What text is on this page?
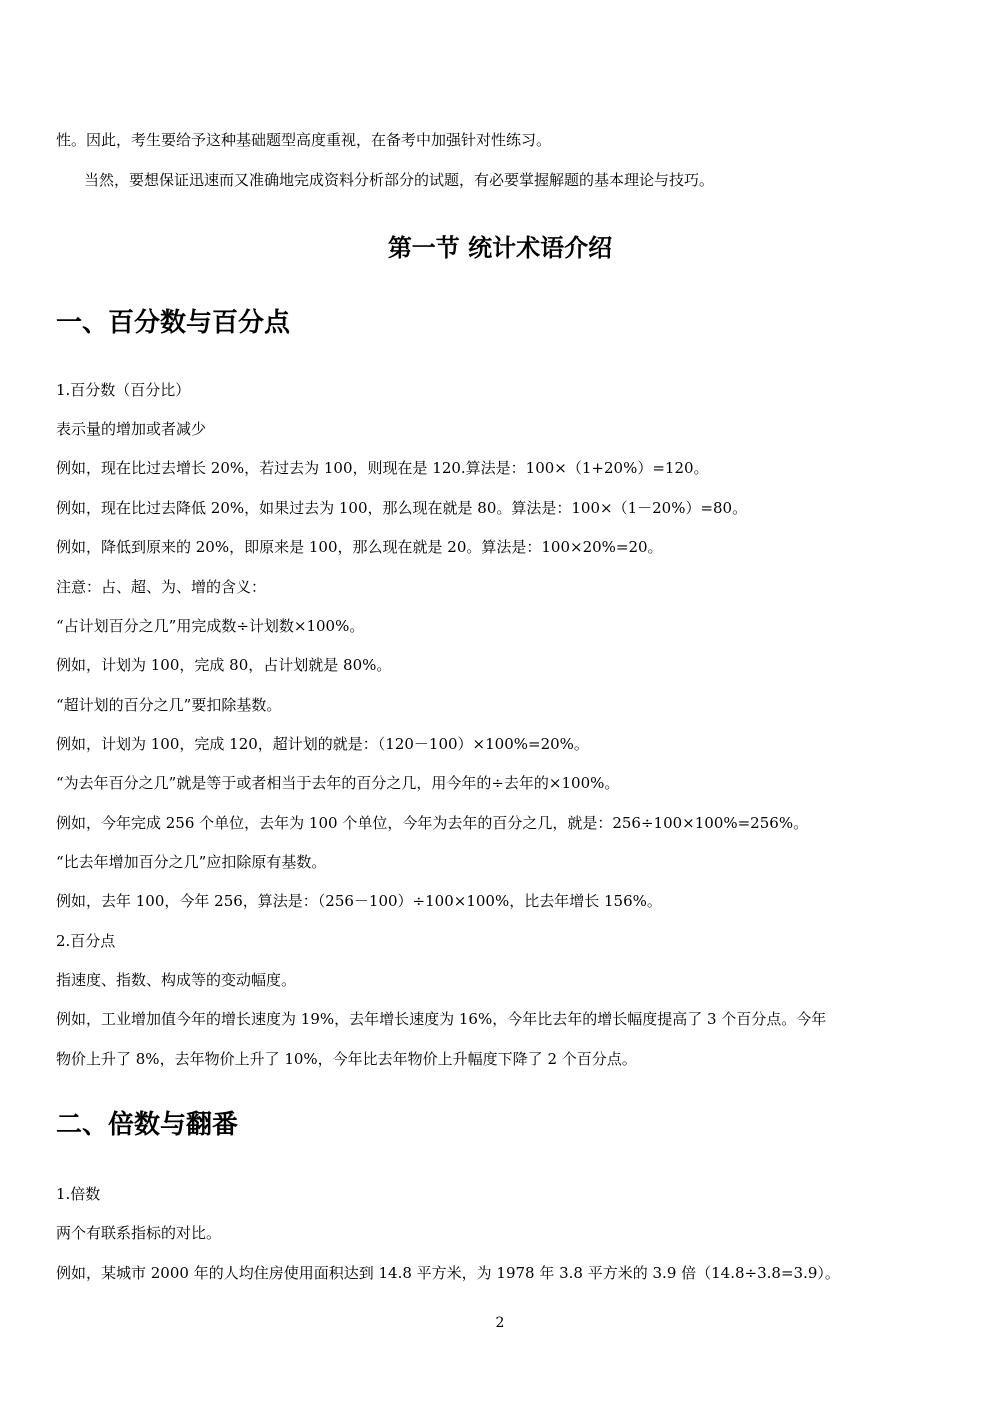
性。因此，考生要给予这种基础题型高度重视，在备考中加强针对性练习。
当然，要想保证迅速而又准确地完成资料分析部分的试题，有必要掌握解题的基本理论与技巧。
第一节 统计术语介绍
一、百分数与百分点
1.百分数（百分比）
表示量的增加或者减少
例如，现在比过去增长 20%，若过去为 100，则现在是 120.算法是：100×（1+20%）=120。
例如，现在比过去降低 20%，如果过去为 100，那么现在就是 80。算法是：100×（1－20%）=80。
例如，降低到原来的 20%，即原来是 100，那么现在就是 20。算法是：100×20%=20。
注意：占、超、为、增的含义：
“占计划百分之几”用完成数÷计划数×100%。
例如，计划为 100，完成 80，占计划就是 80%。
“超计划的百分之几”要扣除基数。
例如，计划为 100，完成 120，超计划的就是：（120－100）×100%=20%。
“为去年百分之几”就是等于或者相当于去年的百分之几，用今年的÷去年的×100%。
例如，今年完成 256 个单位，去年为 100 个单位，今年为去年的百分之几，就是：256÷100×100%=256%。
“比去年增加百分之几”应扣除原有基数。
例如，去年 100，今年 256，算法是：（256－100）÷100×100%，比去年增长 156%。
2.百分点
指速度、指数、构成等的变动幅度。
例如，工业增加值今年的增长速度为 19%，去年增长速度为 16%，今年比去年的增长幅度提高了 3 个百分点。今年
物价上升了 8%，去年物价上升了 10%，今年比去年物价上升幅度下降了 2 个百分点。
二、倍数与翻番
1.倍数
两个有联系指标的对比。
例如，某城市 2000 年的人均住房使用面积达到 14.8 平方米，为 1978 年 3.8 平方米的 3.9 倍（14.8÷3.8=3.9）。
2
